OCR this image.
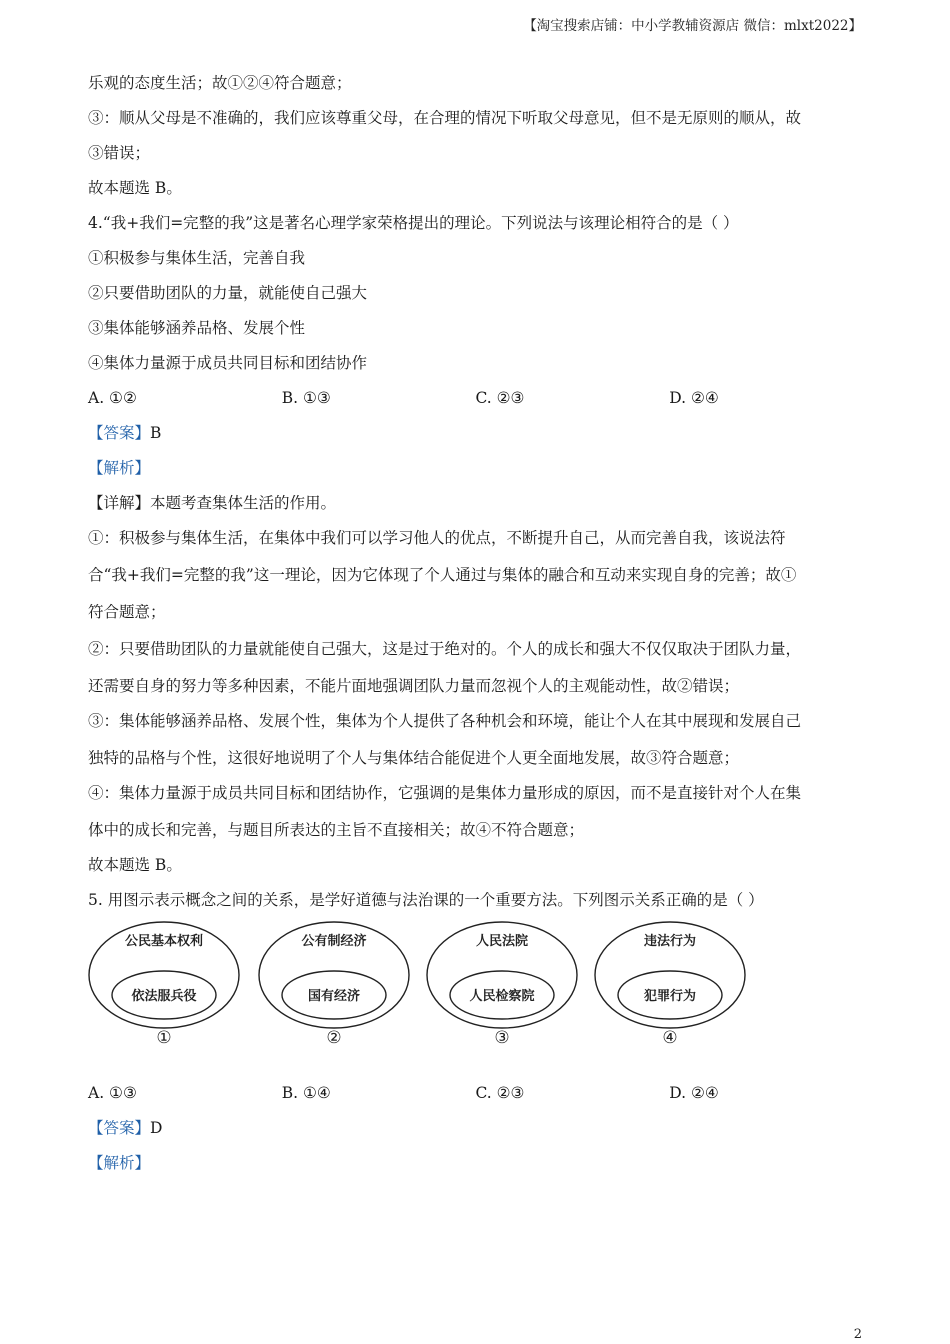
【淘宝搜索店铺：中小学教辅资源店 微信：mlxt2022】
乐观的态度生活；故①②④符合题意；
③：顺从父母是不准确的，我们应该尊重父母，在合理的情况下听取父母意见，但不是无原则的顺从，故
③错误；
故本题选 B。
4.“我+我们=完整的我”这是著名心理学家荣格提出的理论。下列说法与该理论相符合的是（ ）
①积极参与集体生活，完善自我
②只要借助团队的力量，就能使自己强大
③集体能够涵养品格、发展个性
④集体力量源于成员共同目标和团结协作
A. ①②	B. ①③	C. ②③	D. ②④
【答案】B
【解析】
【详解】本题考查集体生活的作用。
①：积极参与集体生活，在集体中我们可以学习他人的优点，不断提升自己，从而完善自我，该说法符
合“我+我们=完整的我”这一理论，因为它体现了个人通过与集体的融合和互动来实现自身的完善；故①
符合题意；
②：只要借助团队的力量就能使自己强大，这是过于绝对的。个人的成长和强大不仅仅取决于团队力量，
还需要自身的努力等多种因素，不能片面地强调团队力量而忽视个人的主观能动性，故②错误；
③：集体能够涵养品格、发展个性，集体为个人提供了各种机会和环境，能让个人在其中展现和发展自己
独特的品格与个性，这很好地说明了个人与集体结合能促进个人更全面地发展，故③符合题意；
④：集体力量源于成员共同目标和团结协作，它强调的是集体力量形成的原因，而不是直接针对个人在集
体中的成长和完善，与题目所表达的主旨不直接相关；故④不符合题意；
故本题选 B。
5. 用图示表示概念之间的关系，是学好道德与法治课的一个重要方法。下列图示关系正确的是（ ）
公民基本权利
依法服兵役
①
公有制经济
国有经济
②
人民法院
人民检察院
③
违法行为
犯罪行为
④
A. ①③	B. ①④	C. ②③	D. ②④
【答案】D
【解析】
2
